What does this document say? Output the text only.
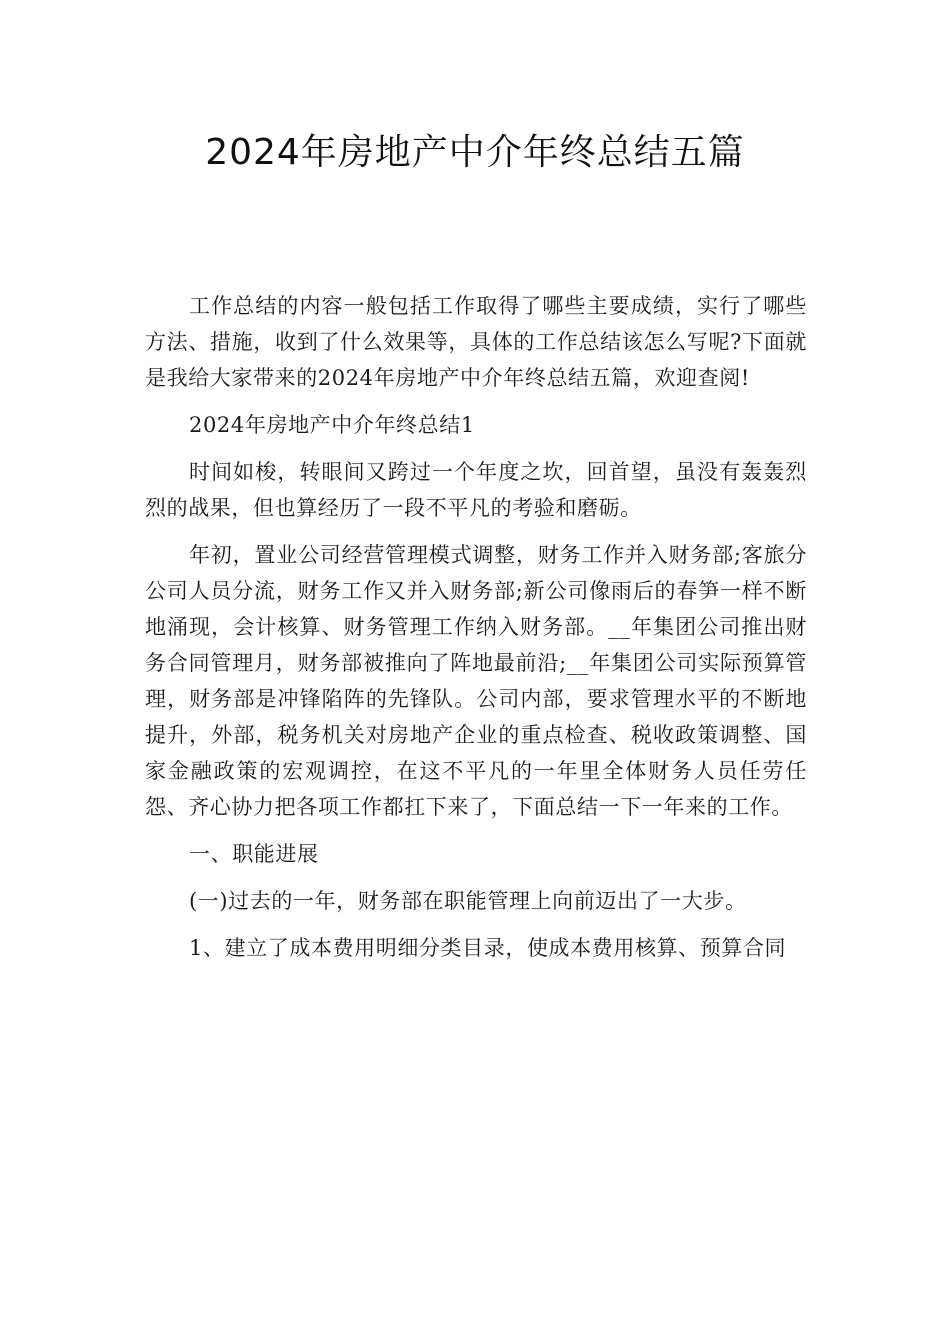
2024年房地产中介年终总结五篇

工作总结的内容一般包括工作取得了哪些主要成绩，实行了哪些方法、措施，收到了什么效果等，具体的工作总结该怎么写呢?下面就是我给大家带来的2024年房地产中介年终总结五篇，欢迎查阅!

2024年房地产中介年终总结1

时间如梭，转眼间又跨过一个年度之坎，回首望，虽没有轰轰烈烈的战果，但也算经历了一段不平凡的考验和磨砺。

年初，置业公司经营管理模式调整，财务工作并入财务部;客旅分公司人员分流，财务工作又并入财务部;新公司像雨后的春笋一样不断地涌现，会计核算、财务管理工作纳入财务部。__年集团公司推出财务合同管理月，财务部被推向了阵地最前沿;__年集团公司实际预算管理，财务部是冲锋陷阵的先锋队。公司内部，要求管理水平的不断地提升，外部，税务机关对房地产企业的重点检查、税收政策调整、国家金融政策的宏观调控，在这不平凡的一年里全体财务人员任劳任怨、齐心协力把各项工作都扛下来了，下面总结一下一年来的工作。

一、职能进展

(一)过去的一年，财务部在职能管理上向前迈出了一大步。

1、建立了成本费用明细分类目录，使成本费用核算、预算合同
